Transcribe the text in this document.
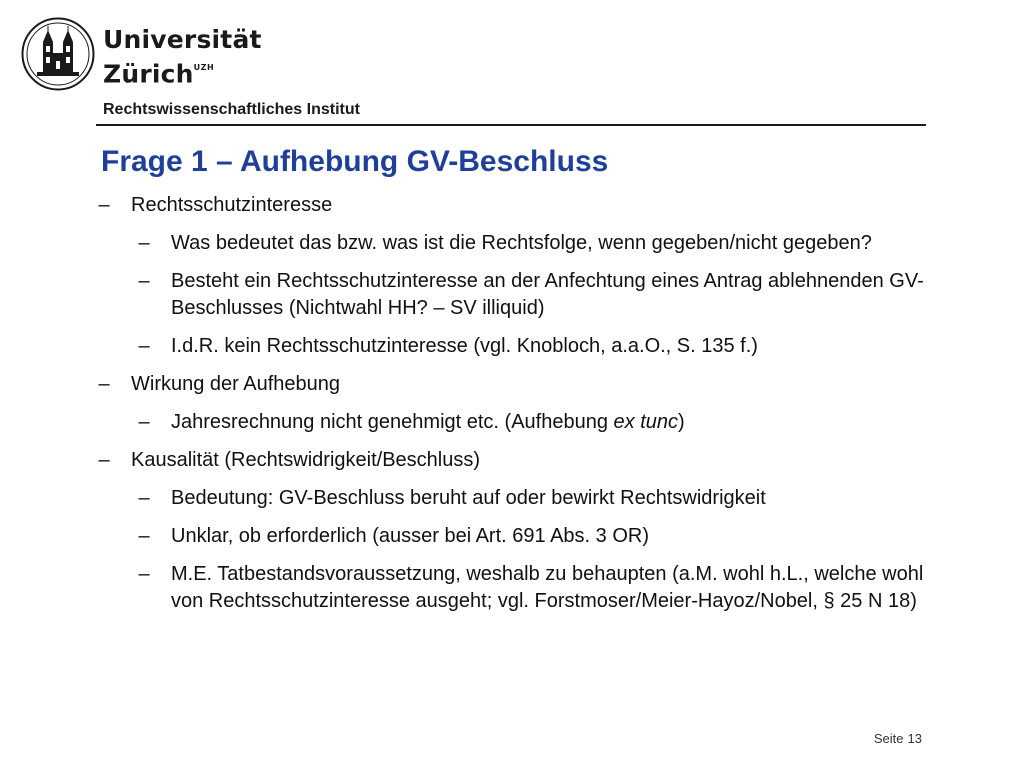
Universität
Zürich$^{UZH}$
Rechtswissenschaftliches Institut
Frage 1 – Aufhebung GV-Beschluss
– Rechtsschutzinteresse
– Was bedeutet das bzw. was ist die Rechtsfolge, wenn gegeben/nicht gegeben?
– Besteht ein Rechtsschutzinteresse an der Anfechtung eines Antrag ablehnenden GV-Beschlusses (Nichtwahl HH? – SV illiquid)
– I.d.R. kein Rechtsschutzinteresse (vgl. Knobloch, a.a.O., S. 135 f.)
– Wirkung der Aufhebung
– Jahresrechnung nicht genehmigt etc. (Aufhebung ex tunc)
– Kausalität (Rechtswidrigkeit/Beschluss)
– Bedeutung: GV-Beschluss beruht auf oder bewirkt Rechtswidrigkeit
– Unklar, ob erforderlich (ausser bei Art. 691 Abs. 3 OR)
– M.E. Tatbestandsvoraussetzung, weshalb zu behaupten (a.M. wohl h.L., welche wohl von Rechtsschutzinteresse ausgeht; vgl. Forstmoser/Meier-Hayoz/Nobel, § 25 N 18)
Seite 13
